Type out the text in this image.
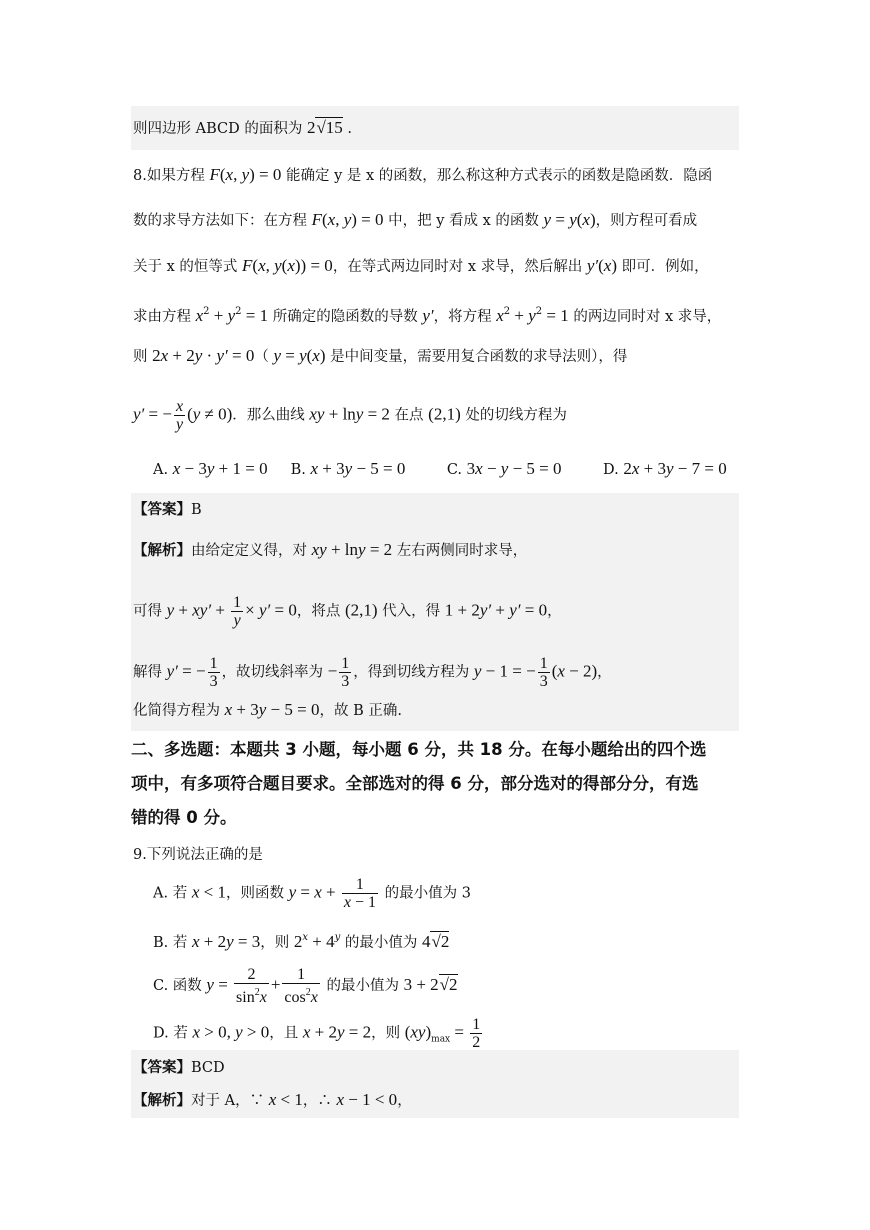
则四边形 ABCD 的面积为 2√15 .
8.如果方程 F(x, y) = 0 能确定 y 是 x 的函数，那么称这种方式表示的函数是隐函数．隐函
数的求导方法如下：在方程 F(x, y) = 0 中，把 y 看成 x 的函数 y = y(x)，则方程可看成
关于 x 的恒等式 F(x, y(x)) = 0，在等式两边同时对 x 求导，然后解出 y′(x) 即可．例如，
求由方程 $x^2 + y^2 = 1$ 所确定的隐函数的导数 y′，将方程 $x^2 + y^2 = 1$ 的两边同时对 x 求导，
则 2x + 2y · y′ = 0（ y = y(x) 是中间变量，需要用复合函数的求导法则），得
y′ = − $\frac{x}{y} (y \ne 0)$．那么曲线 xy + lny = 2 在点 (2,1) 处的切线方程为
A. x − 3y + 1 = 0     B. x + 3y − 5 = 0         C. 3x − y − 5 = 0         D. 2x + 3y − 7 = 0
【答案】B
【解析】由给定定义得，对 xy + lny = 2 左右两侧同时求导，
可得 $y + xy' + \frac{1}{y} \times y' = 0$，将点 (2,1) 代入，得 1 + 2y′ + y′ = 0，
解得 y′ = − $\frac{1}{3}$ ，故切线斜率为 − $\frac{1}{3}$ ，得到切线方程为 y − 1 = − $\frac{1}{3} (x - 2)$，
化简得方程为 x + 3y − 5 = 0，故 B 正确.
二、多选题：本题共 3 小题，每小题 6 分，共 18 分。在每小题给出的四个选
项中，有多项符合题目要求。全部选对的得 6 分，部分选对的得部分分，有选
错的得 0 分。
9.下列说法正确的是
A. 若 x < 1，则函数 $y = x + \frac{1}{x - 1}$ 的最小值为 3
B. 若 x + 2y = 3，则 $2^x + 4^y$ 的最小值为 4√2
C. 函数 $y = \frac{2}{\sin^2x} + \frac{1}{\cos^2x}$ 的最小值为 3 + 2√2
D. 若 x > 0, y > 0，且 x + 2y = 2，则 $(xy)_{max} = \frac{1}{2}$
【答案】BCD
【解析】对于 A，∵ x < 1，∴ x − 1 < 0，
